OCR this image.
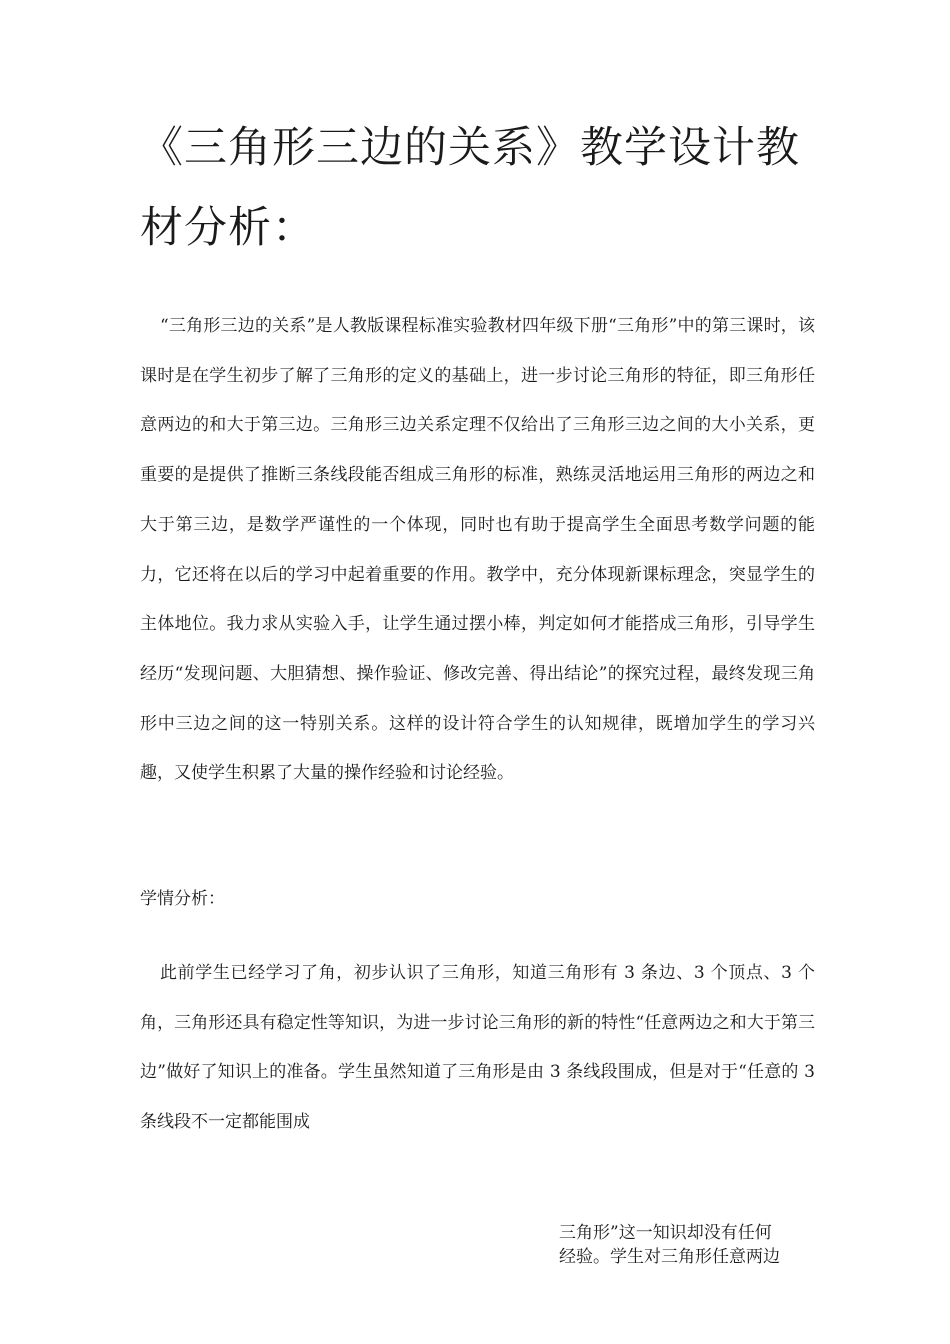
《三角形三边的关系》教学设计教材分析：

“三角形三边的关系”是人教版课程标准实验教材四年级下册“三角形”中的第三课时，该课时是在学生初步了解了三角形的定义的基础上，进一步讨论三角形的特征，即三角形任意两边的和大于第三边。三角形三边关系定理不仅给出了三角形三边之间的大小关系，更重要的是提供了推断三条线段能否组成三角形的标准，熟练灵活地运用三角形的两边之和大于第三边，是数学严谨性的一个体现，同时也有助于提高学生全面思考数学问题的能力，它还将在以后的学习中起着重要的作用。教学中，充分体现新课标理念，突显学生的主体地位。我力求从实验入手，让学生通过摆小棒，判定如何才能搭成三角形，引导学生经历“发现问题、大胆猜想、操作验证、修改完善、得出结论”的探究过程，最终发现三角形中三边之间的这一特别关系。这样的设计符合学生的认知规律，既增加学生的学习兴趣，又使学生积累了大量的操作经验和讨论经验。

学情分析：

此前学生已经学习了角，初步认识了三角形，知道三角形有 3 条边、3 个顶点、3 个角，三角形还具有稳定性等知识，为进一步讨论三角形的新的特性“任意两边之和大于第三边”做好了知识上的准备。学生虽然知道了三角形是由 3 条线段围成，但是对于“任意的 3 条线段不一定都能围成

三角形”这一知识却没有任何
经验。学生对三角形任意两边
